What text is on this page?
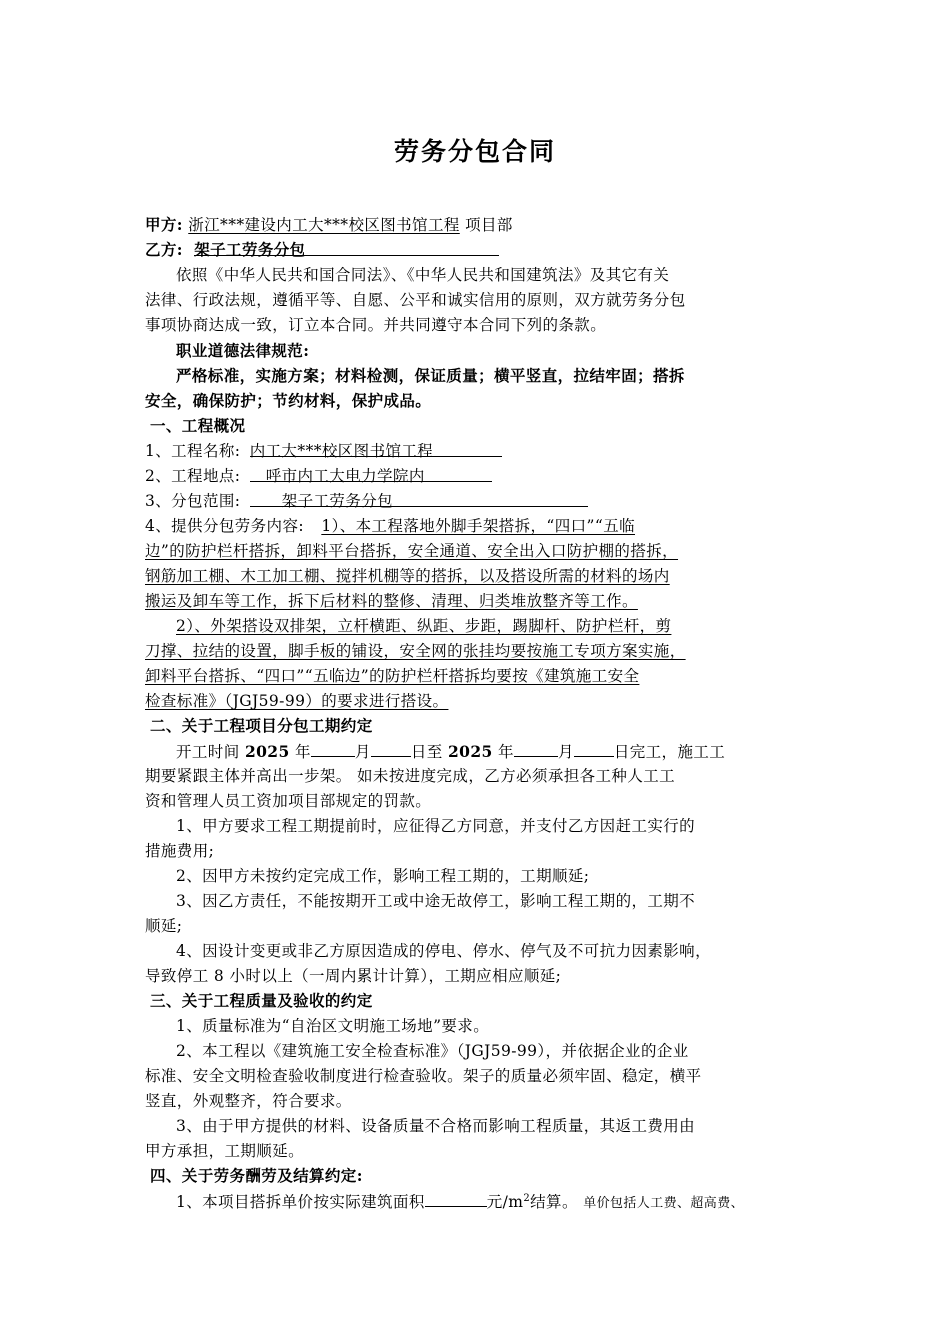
劳务分包合同
甲方: 浙江***建设内工大***校区图书馆工程 项目部
乙方: 架子工劳务分包
依照《中华人民共和国合同法》、《中华人民共和国建筑法》及其它有关
法律、行政法规，遵循平等、自愿、公平和诚实信用的原则，双方就劳务分包
事项协商达成一致，订立本合同。并共同遵守本合同下列的条款。
职业道德法律规范:
严格标准，实施方案；材料检测，保证质量；横平竖直，拉结牢固；搭拆
安全，确保防护；节约材料，保护成品。
一、工程概况
1、工程名称: 内工大***校区图书馆工程
2、工程地点: 呼市内工大电力学院内
3、分包范围:	架子工劳务分包
4、提供分包劳务内容: 1）、本工程落地外脚手架搭拆，“四口”“五临
边”的防护栏杆搭拆，卸料平台搭拆，安全通道、安全出入口防护棚的搭拆，
钢筋加工棚、木工加工棚、搅拌机棚等的搭拆，以及搭设所需的材料的场内
搬运及卸车等工作，拆下后材料的整修、清理、归类堆放整齐等工作。
2）、外架搭设双排架，立杆横距、纵距、步距，踢脚杆、防护栏杆，剪
刀撑、拉结的设置，脚手板的铺设，安全网的张挂均要按施工专项方案实施，
卸料平台搭拆、“四口”“五临边”的防护栏杆搭拆均要按《建筑施工安全
检查标准》（JGJ59-99）的要求进行搭设。
二、关于工程项目分包工期约定
开工时间 2025 年	月	日至 2025 年	月	日完工，施工工
期要紧跟主体并高出一步架。 如未按进度完成，乙方必须承担各工种人工工
资和管理人员工资加项目部规定的罚款。
1、甲方要求工程工期提前时，应征得乙方同意，并支付乙方因赶工实行的
措施费用;
2、因甲方未按约定完成工作，影响工程工期的，工期顺延;
3、因乙方责任，不能按期开工或中途无故停工，影响工程工期的，工期不
顺延;
4、因设计变更或非乙方原因造成的停电、停水、停气及不可抗力因素影响，
导致停工 8 小时以上（一周内累计计算），工期应相应顺延;
三、关于工程质量及验收的约定
1、质量标准为“自治区文明施工场地”要求。
2、本工程以《建筑施工安全检查标准》（JGJ59-99），并依据企业的企业
标准、安全文明检查验收制度进行检查验收。架子的质量必须牢固、稳定，横平
竖直，外观整齐，符合要求。
3、由于甲方提供的材料、设备质量不合格而影响工程质量，其返工费用由
甲方承担，工期顺延。
四、关于劳务酬劳及结算约定:
1、本项目搭拆单价按实际建筑面积	元$/m^2$结算。 单价包括人工费、超高费、
